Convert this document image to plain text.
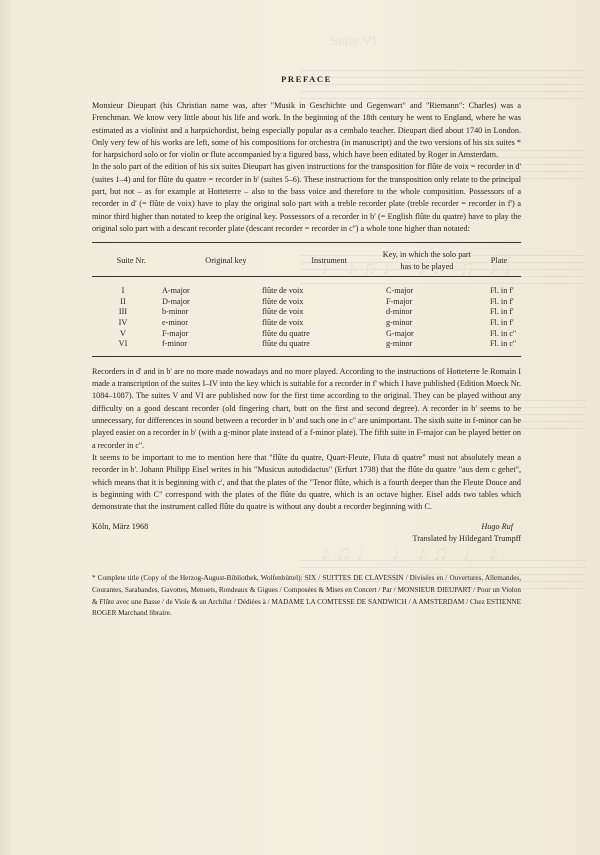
Suite VI
PREFACE

Monsieur Dieupart (his Christian name was, after "Musik in Geschichte und Gegenwart" and "Riemann": Charles) was a Frenchman. We know very little about his life and work. In the beginning of the 18th century he went to England, where he was estimated as a violinist and a harpsichordist, being especially popular as a cembalo teacher. Dieupart died about 1740 in London. Only very few of his works are left, some of his compositions for orchestra (in manuscript) and the two versions of his six suites * for harpsichord solo or for violin or flute accompanied by a figured bass, which have been editated by Roger in Amsterdam.

In the solo part of the edition of his six suites Dieupart has given instructions for the transposition for flûte de voix = recorder in d' (suites 1–4) and for flûte du quatre = recorder in b' (suites 5–6). These instructions for the transposition only relate to the principal part, but not – as for example at Hotteterre – also to the bass voice and therefore to the whole composition. Possessors of a recorder in d' (= flûte de voix) have to play the original solo part with a treble recorder plate (treble recorder = recorder in f') a minor third higher than notated to keep the original key. Possessors of a recorder in b' (= English flûte du quatre) have to play the original solo part with a descant recorder plate (descant recorder = recorder in c'') a whole tone higher than notated:

Suite Nr.	Original key	Instrument	Key, in which the solo part has to be played	Plate
I	A-major	flûte de voix	C-major	Fl. in f'
II	D-major	flûte de voix	F-major	Fl. in f'
III	b-minor	flûte de voix	d-minor	Fl. in f'
IV	e-minor	flûte de voix	g-minor	Fl. in f'
V	F-major	flûte du quatre	G-major	Fl. in c''
VI	f-minor	flûte du quatre	g-minor	Fl. in c''

Recorders in d' and in b' are no more made nowadays and no more played. According to the instructions of Hotteterre le Romain I made a transcription of the suites I–IV into the key which is suitable for a recorder in f' which I have published (Edition Moeck Nr. 1084–1087). The suites V and VI are published now for the first time according to the original. They can be played without any difficulty on a good descant recorder (old fingering chart, butt on the first and second degree). A recorder in b' seems to be unnecessary, for differences in sound between a recorder in b' and such one in c'' are unimportant. The sixth suite in f-minor can be played easier on a recorder in b' (with a g-minor plate instead of a f-minor plate). The fifth suite in F-major can be played better on a recorder in c''.

It seems to be important to me to mention here that "flûte du quatre, Quart-Fleute, Fluta di quatre" must not absolutely mean a recorder in b'. Johann Philipp Eisel writes in his "Musicus autodidactus" (Erfurt 1738) that the flûte du quatre "aus dem c gehet", which means that it is beginning with c', and that the plates of the "Tenor flûte, which is a fourth deeper than the Fleute Douce and is beginning with C" correspond with the plates of the flûte du quatre, which is an octave higher. Eisel adds two tables which demonstrate that the instrument called flûte du quatre is without any doubt a recorder beginning with C.

Köln, März 1968	Hugo Ruf
Translated by Hildegard Trumpff

* Complete title (Copy of the Herzog-August-Bibliothek, Wolfenbüttel): SIX / SUITTES DE CLAVESSIN / Divisées en / Ouvertures, Allemandes, Courantes, Sarabandes, Gavottes, Menuets, Rondeaux & Gigues / Composées & Mises en Concert / Par / MONSIEUR DIEUPART / Pour un Violon & Flûte avec une Basse / de Viole & un Archilut / Dédiées à / MADAME LA COMTESSE DE SANDWICH / A AMSTERDAM / Chez ESTIENNE ROGER Marchand libraire.
